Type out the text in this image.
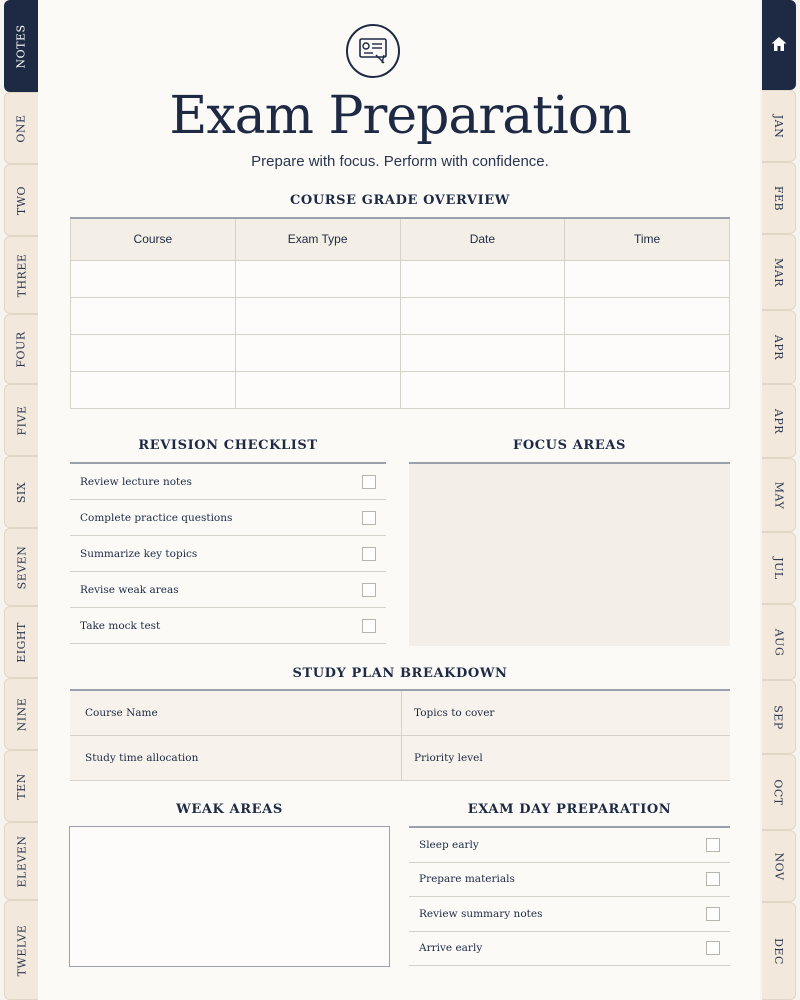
NOTES
ONE
TWO
THREE
FOUR
FIVE
SIX
SEVEN
EIGHT
NINE
TEN
ELEVEN
TWELVE
JAN
FEB
MAR
APR
APR
MAY
JUL
AUG
SEP
OCT
NOV
DEC
Exam Preparation
Prepare with focus. Perform with confidence.
COURSE GRADE OVERVIEW
Course	Exam Type	Date	Time

REVISION CHECKLIST
Review lecture notes
Complete practice questions
Summarize key topics
Revise weak areas
Take mock test
FOCUS AREAS
STUDY PLAN BREAKDOWN
Course Name	Topics to cover
Study time allocation	Priority level
WEAK AREAS	EXAM DAY PREPARATION
Sleep early
Prepare materials
Review summary notes
Arrive early
